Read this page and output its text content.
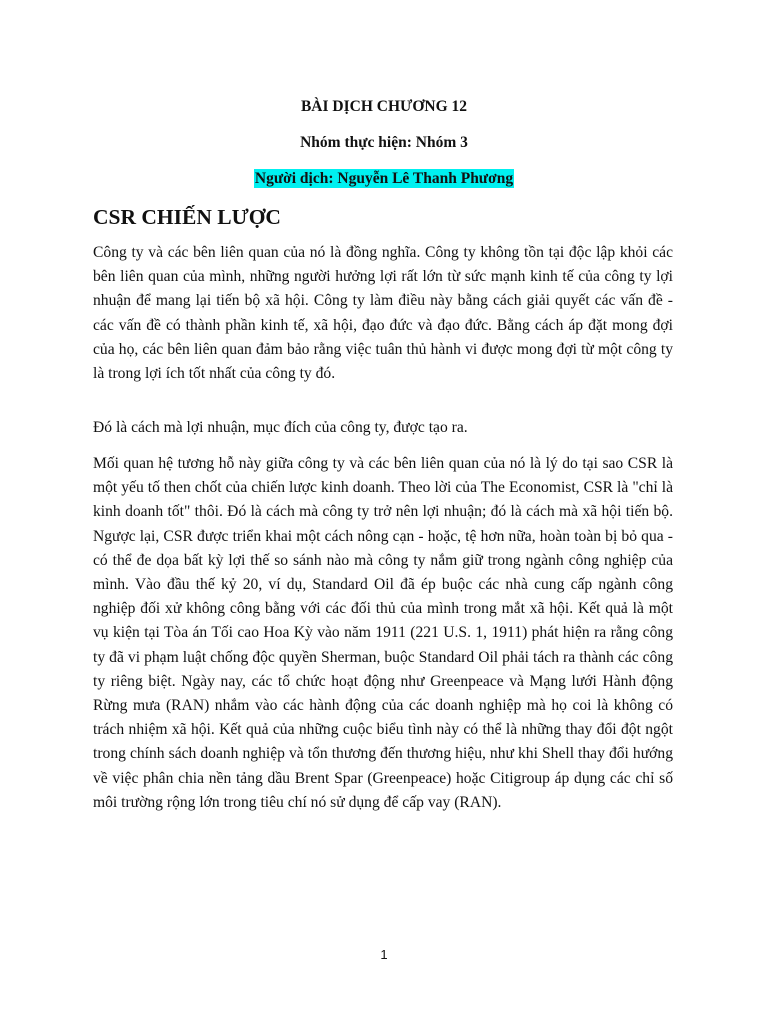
BÀI DỊCH CHƯƠNG 12
Nhóm thực hiện: Nhóm 3
Người dịch: Nguyễn Lê Thanh Phương
CSR CHIẾN LƯỢC

Công ty và các bên liên quan của nó là đồng nghĩa. Công ty không tồn tại độc lập khỏi các bên liên quan của mình, những người hưởng lợi rất lớn từ sức mạnh kinh tế của công ty lợi nhuận để mang lại tiến bộ xã hội. Công ty làm điều này bằng cách giải quyết các vấn đề - các vấn đề có thành phần kinh tế, xã hội, đạo đức và đạo đức. Bằng cách áp đặt mong đợi của họ, các bên liên quan đảm bảo rằng việc tuân thủ hành vi được mong đợi từ một công ty là trong lợi ích tốt nhất của công ty đó.

Đó là cách mà lợi nhuận, mục đích của công ty, được tạo ra.

Mối quan hệ tương hỗ này giữa công ty và các bên liên quan của nó là lý do tại sao CSR là một yếu tố then chốt của chiến lược kinh doanh. Theo lời của The Economist, CSR là "chỉ là kinh doanh tốt" thôi. Đó là cách mà công ty trở nên lợi nhuận; đó là cách mà xã hội tiến bộ. Ngược lại, CSR được triển khai một cách nông cạn - hoặc, tệ hơn nữa, hoàn toàn bị bỏ qua - có thể đe dọa bất kỳ lợi thế so sánh nào mà công ty nắm giữ trong ngành công nghiệp của mình. Vào đầu thế kỷ 20, ví dụ, Standard Oil đã ép buộc các nhà cung cấp ngành công nghiệp đối xử không công bằng với các đối thủ của mình trong mắt xã hội. Kết quả là một vụ kiện tại Tòa án Tối cao Hoa Kỳ vào năm 1911 (221 U.S. 1, 1911) phát hiện ra rằng công ty đã vi phạm luật chống độc quyền Sherman, buộc Standard Oil phải tách ra thành các công ty riêng biệt. Ngày nay, các tổ chức hoạt động như Greenpeace và Mạng lưới Hành động Rừng mưa (RAN) nhắm vào các hành động của các doanh nghiệp mà họ coi là không có trách nhiệm xã hội. Kết quả của những cuộc biểu tình này có thể là những thay đổi đột ngột trong chính sách doanh nghiệp và tổn thương đến thương hiệu, như khi Shell thay đổi hướng về việc phân chia nền tảng dầu Brent Spar (Greenpeace) hoặc Citigroup áp dụng các chỉ số môi trường rộng lớn trong tiêu chí nó sử dụng để cấp vay (RAN).

1
